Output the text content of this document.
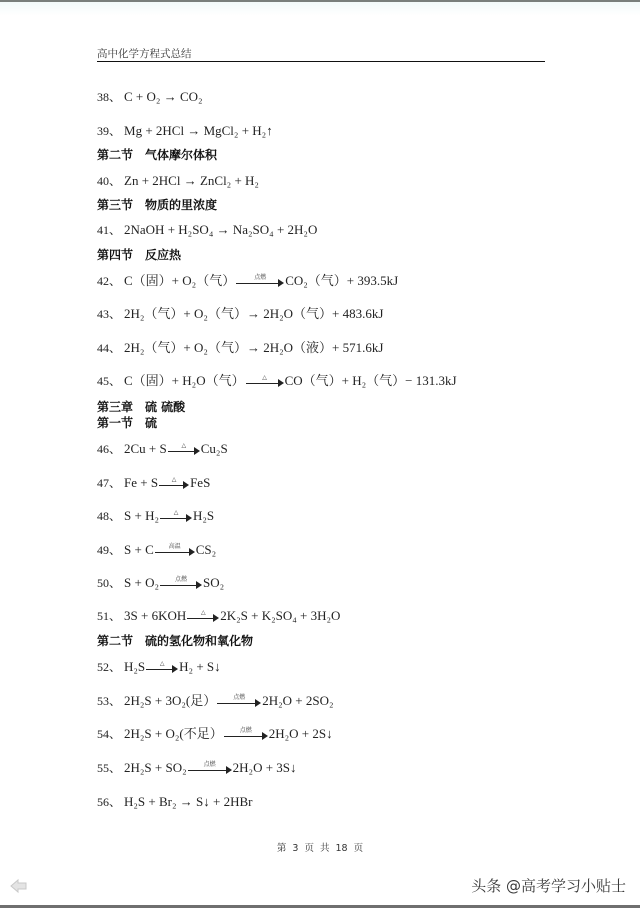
高中化学方程式总结
38、 C + O₂ → CO₂
39、 Mg + 2HCl → MgCl₂ + H₂↑
第二节　气体摩尔体积
40、 Zn + 2HCl → ZnCl₂ + H₂
第三节　物质的里浓度
41、 2NaOH + H₂SO₄ → Na₂SO₄ + 2H₂O
第四节　反应热
42、 C（固）+ O₂（气）	点燃	CO₂（气）+ 393.5kJ
43、 2H₂（气）+ O₂（气）→ 2H₂O（气）+ 483.6kJ
44、 2H₂（气）+ O₂（气）→ 2H₂O（液）+ 571.6kJ
45、 C（固）+ H₂O（气）	△	CO（气）+ H₂（气）− 131.3kJ
第三章　硫 硫酸
第一节　硫
46、 2Cu + S	△	Cu₂S
47、 Fe + S	△	FeS
48、 S + H₂	△	H₂S
49、 S + C	高温	CS₂
50、 S + O₂	点燃	SO₂
51、 3S + 6KOH	△	2K₂S + K₂SO₄ + 3H₂O
第二节　硫的氢化物和氧化物
52、 H₂S	△	H₂ + S↓
53、 2H₂S + 3O₂(足）	点燃	2H₂O + 2SO₂
54、 2H₂S + O₂(不足）	点燃	2H₂O + 2S↓
55、 2H₂S + SO₂	点燃	2H₂O + 3S↓
56、 H₂S + Br₂ → S↓ + 2HBr
第 3 页 共 18 页
头条 @高考学习小贴士
